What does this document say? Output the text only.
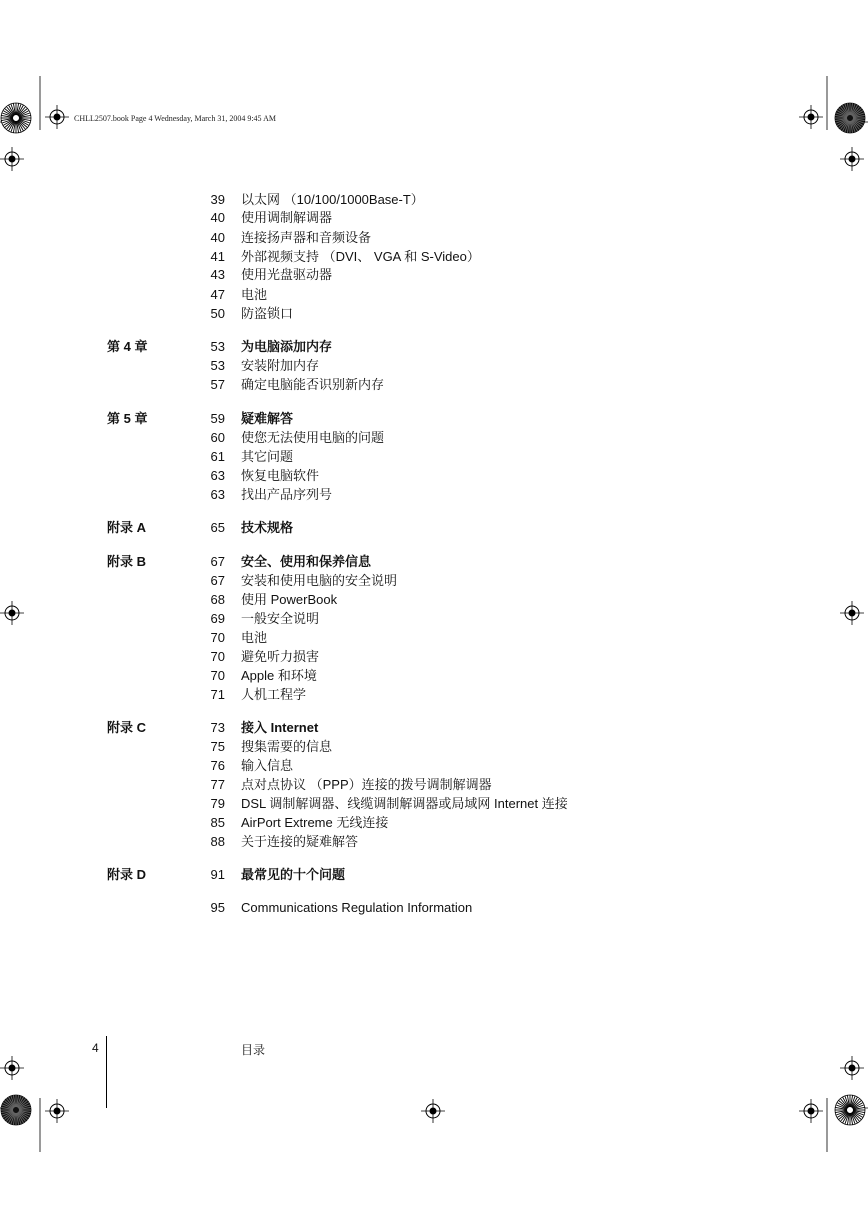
CHLL2507.book Page 4 Wednesday, March 31, 2004 9:45 AM
39 以太网 （10/100/1000Base-T）
40 使用调制解调器
40 连接扬声器和音频设备
41 外部视频支持 （DVI、 VGA 和 S-Video）
43 使用光盘驱动器
47 电池
50 防盗锁口
第 4 章	53 为电脑添加内存
53 安装附加内存
57 确定电脑能否识别新内存
第 5 章	59 疑难解答
60 使您无法使用电脑的问题
61 其它问题
63 恢复电脑软件
63 找出产品序列号
附录 A	65 技术规格
附录 B	67 安全、使用和保养信息
67 安装和使用电脑的安全说明
68 使用 PowerBook
69 一般安全说明
70 电池
70 避免听力损害
70 Apple 和环境
71 人机工程学
附录 C	73 接入 Internet
75 搜集需要的信息
76 输入信息
77 点对点协议 （PPP）连接的拨号调制解调器
79 DSL 调制解调器、线缆调制解调器或局域网 Internet 连接
85 AirPort Extreme 无线连接
88 关于连接的疑难解答
附录 D	91 最常见的十个问题
95 Communications Regulation Information
4	目录
